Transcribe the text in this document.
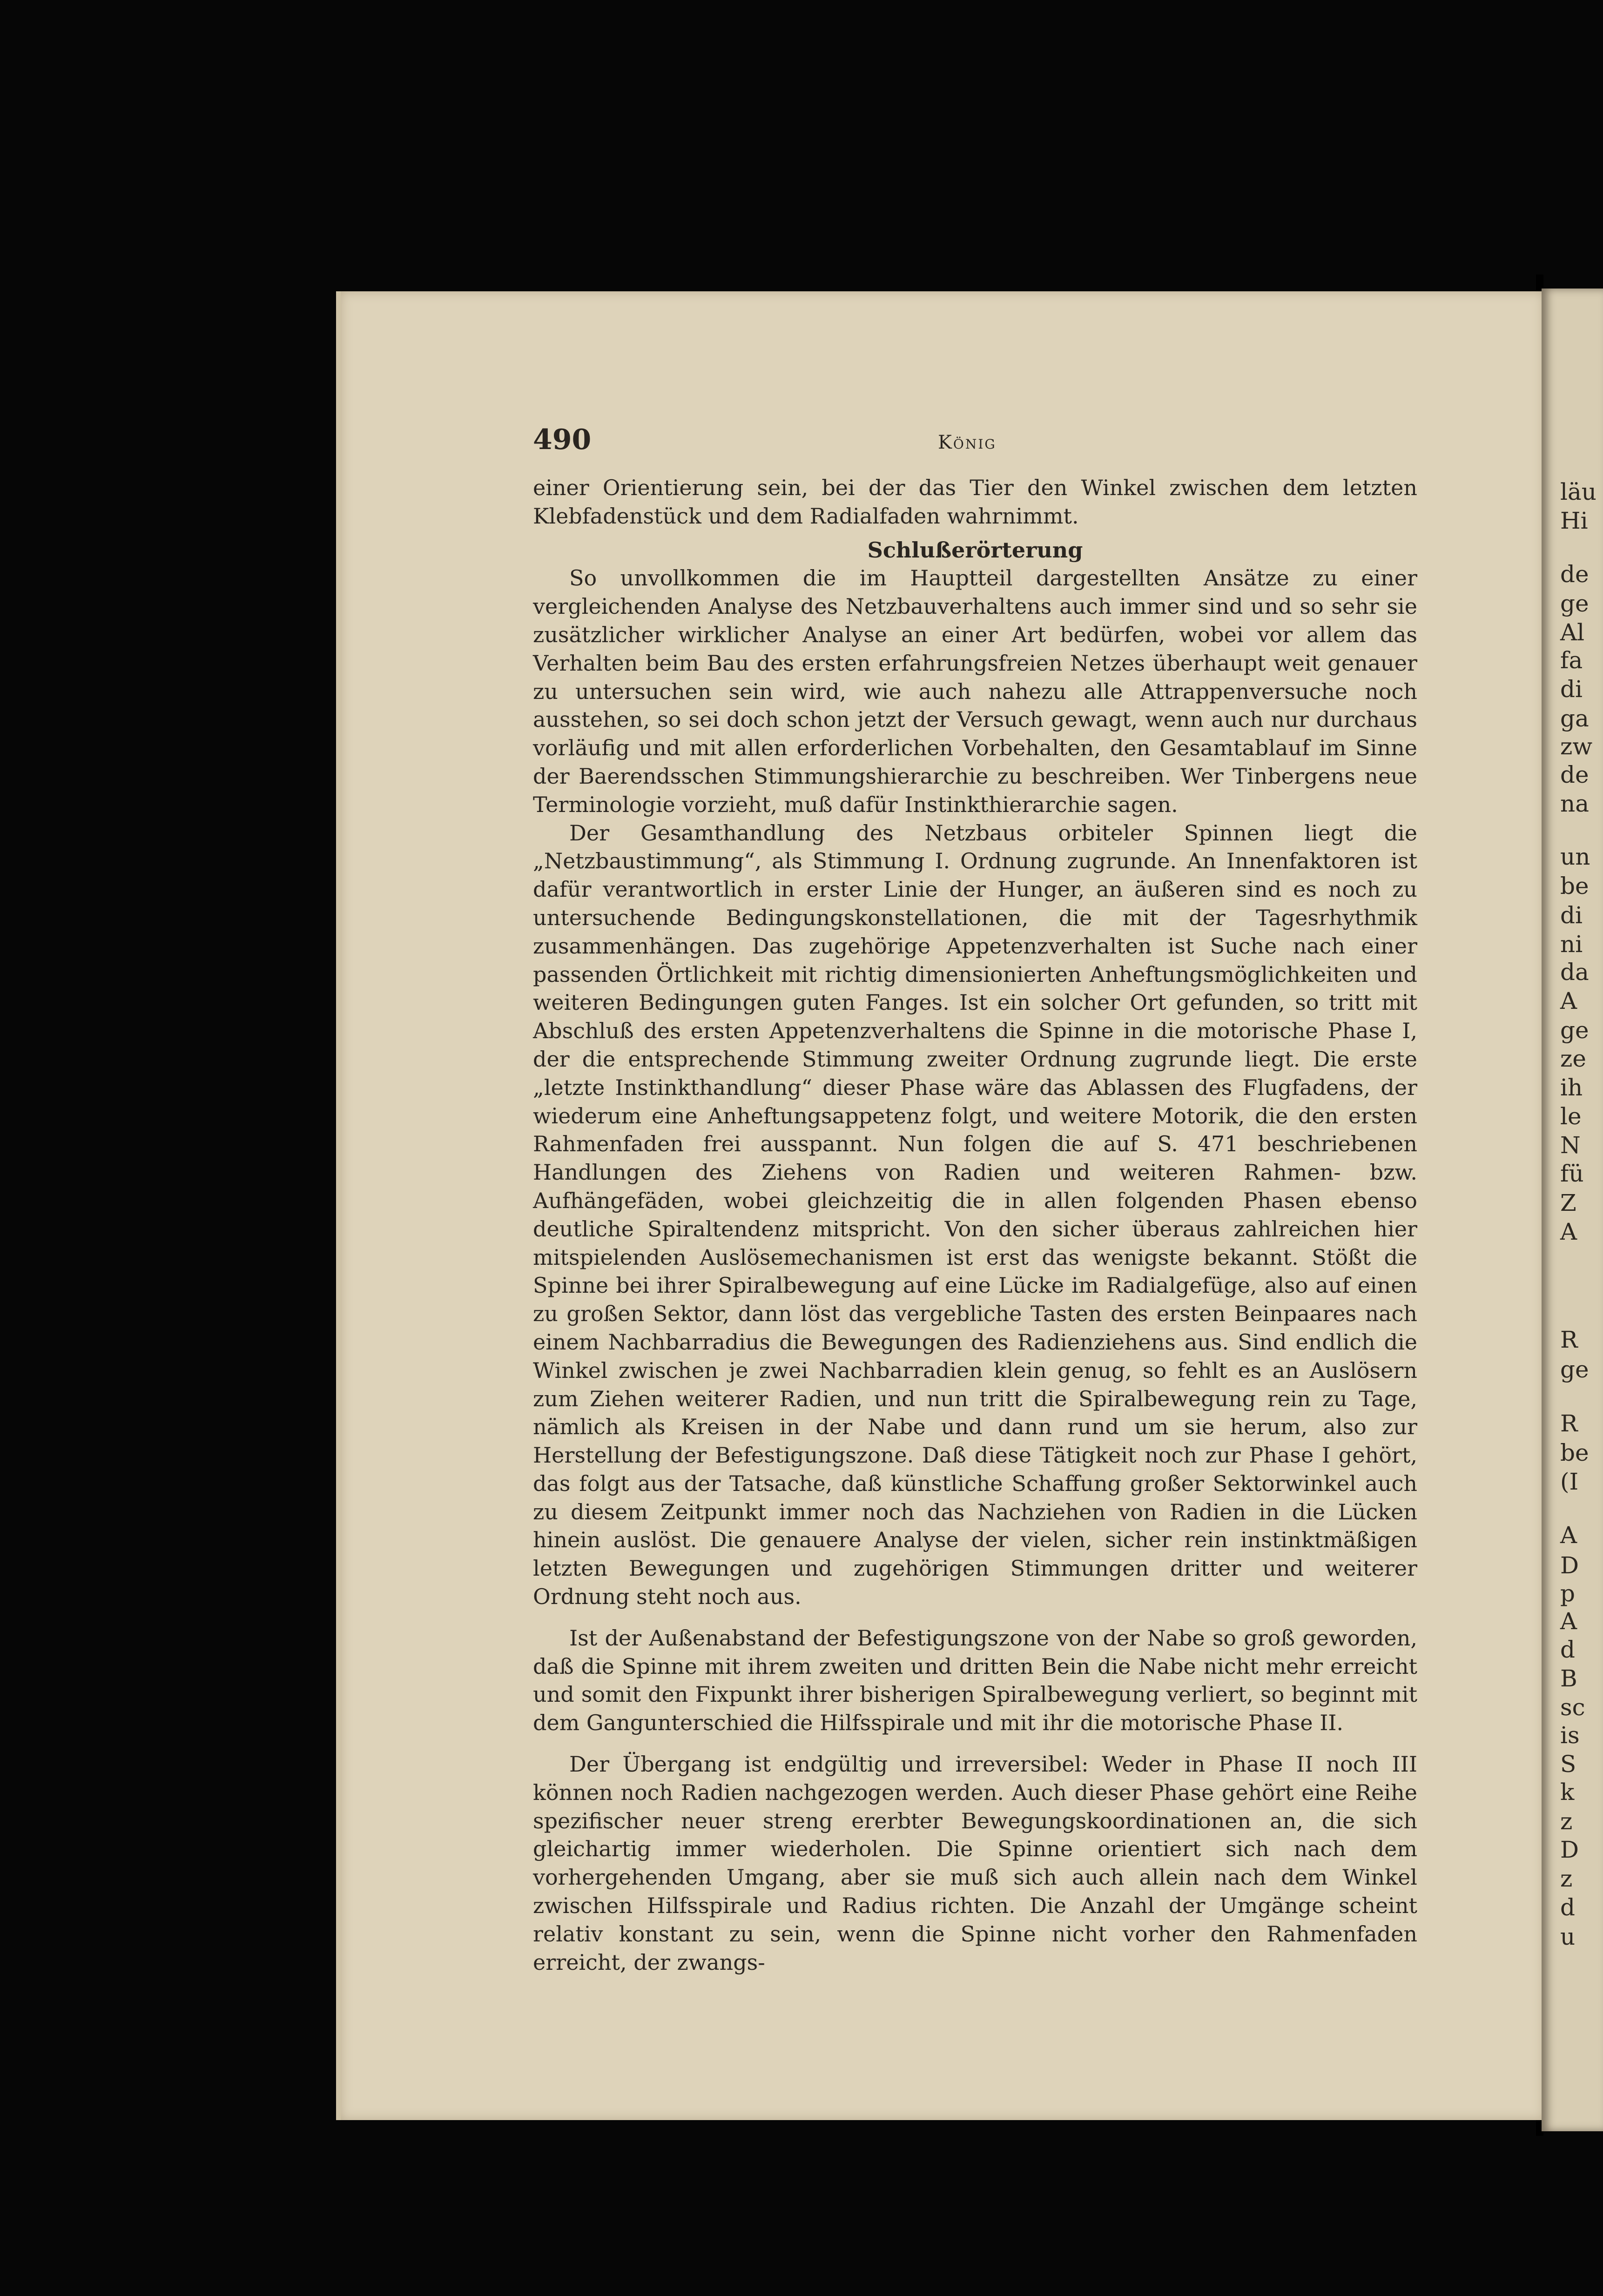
490	König

einer Orientierung sein, bei der das Tier den Winkel zwischen dem letzten Klebfadenstück und dem Radialfaden wahrnimmt.

Schlußerörterung

So unvollkommen die im Hauptteil dargestellten Ansätze zu einer vergleichenden Analyse des Netzbauverhaltens auch immer sind und so sehr sie zusätzlicher wirklicher Analyse an einer Art bedürfen, wobei vor allem das Verhalten beim Bau des ersten erfahrungsfreien Netzes überhaupt weit genauer zu untersuchen sein wird, wie auch nahezu alle Attrappenversuche noch ausstehen, so sei doch schon jetzt der Versuch gewagt, wenn auch nur durchaus vorläufig und mit allen erforderlichen Vorbehalten, den Gesamtablauf im Sinne der Baerendsschen Stimmungshierarchie zu beschreiben. Wer Tinbergens neue Terminologie vorzieht, muß dafür Instinkthierarchie sagen.

Der Gesamthandlung des Netzbaus orbiteler Spinnen liegt die „Netzbaustimmung“, als Stimmung I. Ordnung zugrunde. An Innenfaktoren ist dafür verantwortlich in erster Linie der Hunger, an äußeren sind es noch zu untersuchende Bedingungskonstellationen, die mit der Tagesrhythmik zusammenhängen. Das zugehörige Appetenzverhalten ist Suche nach einer passenden Örtlichkeit mit richtig dimensionierten Anheftungsmöglichkeiten und weiteren Bedingungen guten Fanges. Ist ein solcher Ort gefunden, so tritt mit Abschluß des ersten Appetenzverhaltens die Spinne in die motorische Phase I, der die entsprechende Stimmung zweiter Ordnung zugrunde liegt. Die erste „letzte Instinkthandlung“ dieser Phase wäre das Ablassen des Flugfadens, der wiederum eine Anheftungsappetenz folgt, und weitere Motorik, die den ersten Rahmenfaden frei ausspannt. Nun folgen die auf S. 471 beschriebenen Handlungen des Ziehens von Radien und weiteren Rahmen- bzw. Aufhängefäden, wobei gleichzeitig die in allen folgenden Phasen ebenso deutliche Spiraltendenz mitspricht. Von den sicher überaus zahlreichen hier mitspielenden Auslösemechanismen ist erst das wenigste bekannt. Stößt die Spinne bei ihrer Spiralbewegung auf eine Lücke im Radialgefüge, also auf einen zu großen Sektor, dann löst das vergebliche Tasten des ersten Beinpaares nach einem Nachbarradius die Bewegungen des Radienziehens aus. Sind endlich die Winkel zwischen je zwei Nachbarradien klein genug, so fehlt es an Auslösern zum Ziehen weiterer Radien, und nun tritt die Spiralbewegung rein zu Tage, nämlich als Kreisen in der Nabe und dann rund um sie herum, also zur Herstellung der Befestigungszone. Daß diese Tätigkeit noch zur Phase I gehört, das folgt aus der Tatsache, daß künstliche Schaffung großer Sektorwinkel auch zu diesem Zeitpunkt immer noch das Nachziehen von Radien in die Lücken hinein auslöst. Die genauere Analyse der vielen, sicher rein instinktmäßigen letzten Bewegungen und zugehörigen Stimmungen dritter und weiterer Ordnung steht noch aus.

Ist der Außenabstand der Befestigungszone von der Nabe so groß geworden, daß die Spinne mit ihrem zweiten und dritten Bein die Nabe nicht mehr erreicht und somit den Fixpunkt ihrer bisherigen Spiralbewegung verliert, so beginnt mit dem Gangunterschied die Hilfsspirale und mit ihr die motorische Phase II.

Der Übergang ist endgültig und irreversibel: Weder in Phase II noch III können noch Radien nachgezogen werden. Auch dieser Phase gehört eine Reihe spezifischer neuer streng ererbter Bewegungskoordinationen an, die sich gleichartig immer wiederholen. Die Spinne orientiert sich nach dem vorhergehenden Umgang, aber sie muß sich auch allein nach dem Winkel zwischen Hilfsspirale und Radius richten. Die Anzahl der Umgänge scheint relativ konstant zu sein, wenn die Spinne nicht vorher den Rahmenfaden erreicht, der zwangs-

läu
Hi
de
ge
Al
fa
di
ga
zw
de
na
un
be
di
ni
da
A
ge
ze
ih
le
N
fü
Z
A
R
ge
R
be
(I
A
D
p
A
d
B
sc
is
S
k
z
D
z
d
u
